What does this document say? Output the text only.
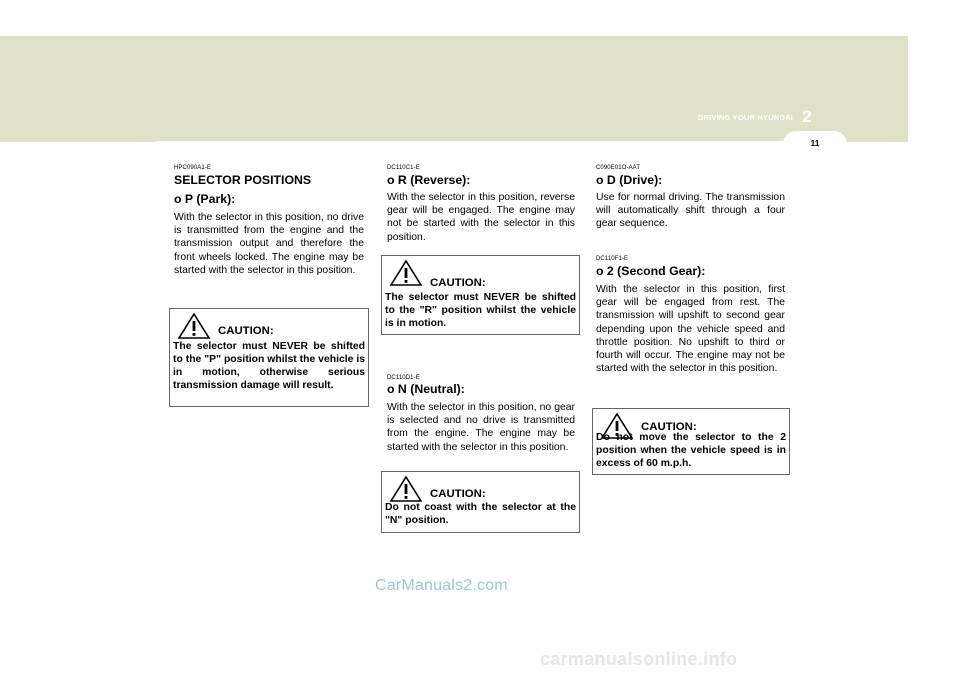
2
DRIVING YOUR HYUNDAI
11
HPC090A1-E
SELECTOR POSITIONS
o P (Park):
With the selector in this position, no drive is transmitted from the engine and the transmission output and therefore the front wheels locked. The engine may be started with the selector in this position.
CAUTION:
The selector must NEVER be shifted to the "P" position whilst the vehicle is in motion, otherwise serious transmission damage will result.
DC110C1-E
o R (Reverse):
With the selector in this position, reverse gear will be engaged. The engine may not be started with the selector in this position.
CAUTION:
The selector must NEVER be shifted to the "R" position whilst the vehicle is in motion.
DC110D1-E
o N (Neutral):
With the selector in this position, no gear is selected and no drive is transmitted from the engine. The engine may be started with the selector in this position.
CAUTION:
Do not coast with the selector at the "N" position.
C090E01O-AAT
o D (Drive):
Use for normal driving. The transmission will automatically shift through a four gear sequence.
DC110F1-E
o 2 (Second Gear):
With the selector in this position, first gear will be engaged from rest. The transmission will upshift to second gear depending upon the vehicle speed and throttle position. No upshift to third or fourth will occur. The engine may not be started with the selector in this position.
CAUTION:
Do not move the selector to the 2 position when the vehicle speed is in excess of 60 m.p.h.
CarManuals2.com
carmanualsonline.info
